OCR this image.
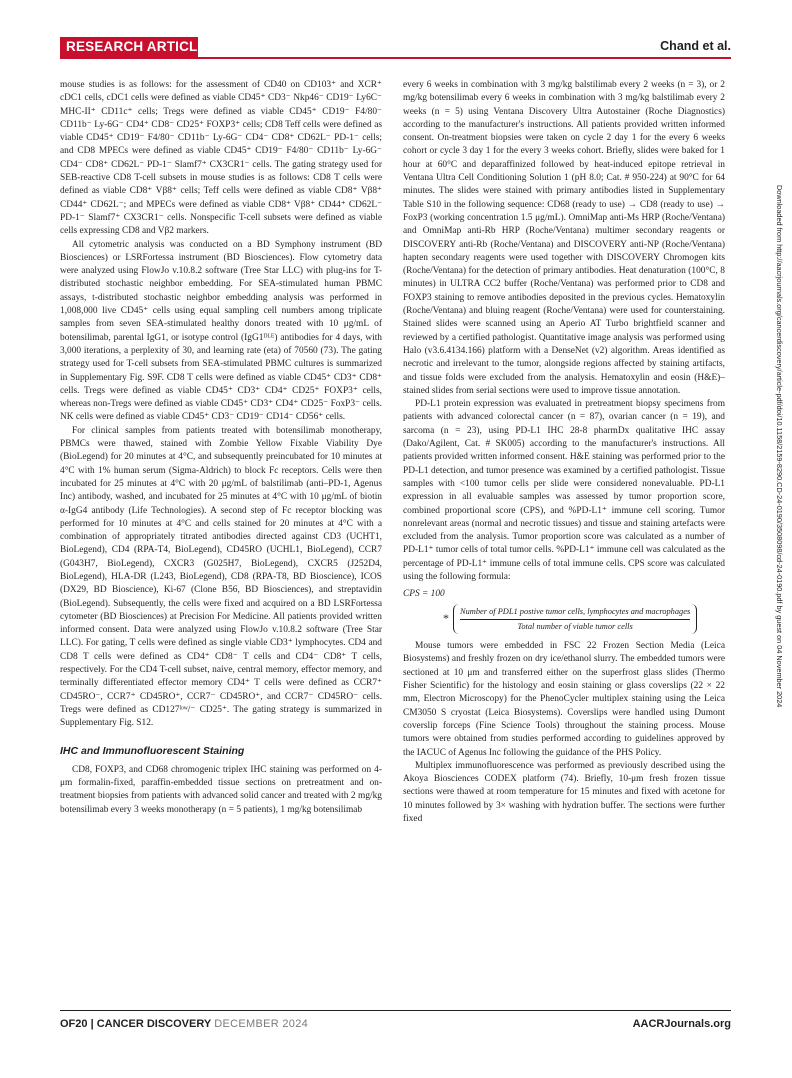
RESEARCH ARTICLE	Chand et al.

mouse studies is as follows: for the assessment of CD40 on CD103⁺ and XCR⁺ cDC1 cells, cDC1 cells were defined as viable CD45⁺ CD3⁻ Nkp46⁻ CD19⁻ Ly6C⁻ MHC-II⁺ CD11c⁺ cells; Tregs were defined as viable CD45⁺ CD19⁻ F4/80⁻ CD11b⁻ Ly-6G⁻ CD4⁺ CD8⁻ CD25⁺ FOXP3⁺ cells; CD8 Teff cells were defined as viable CD45⁺ CD19⁻ F4/80⁻ CD11b⁻ Ly-6G⁻ CD4⁻ CD8⁺ CD62L⁻ PD-1⁻ cells; and CD8 MPECs were defined as viable CD45⁺ CD19⁻ F4/80⁻ CD11b⁻ Ly-6G⁻ CD4⁻ CD8⁺ CD62L⁻ PD-1⁻ Slamf7⁺ CX3CR1⁻ cells. The gating strategy used for SEB-reactive CD8 T-cell subsets in mouse studies is as follows: CD8 T cells were defined as viable CD8⁺ Vβ8⁺ cells; Teff cells were defined as viable CD8⁺ Vβ8⁺ CD44⁺ CD62L⁻; and MPECs were defined as viable CD8⁺ Vβ8⁺ CD44⁺ CD62L⁻ PD-1⁻ Slamf7⁺ CX3CR1⁻ cells. Nonspecific T-cell subsets were defined as viable cells expressing CD8 and Vβ2 markers.

All cytometric analysis was conducted on a BD Symphony instrument (BD Biosciences) or LSRFortessa instrument (BD Biosciences). Flow cytometry data were analyzed using FlowJo v.10.8.2 software (Tree Star LLC) with plug-ins for T-distributed stochastic neighbor embedding. For SEA-stimulated human PBMC assays, t-distributed stochastic neighbor embedding analysis was performed in 1,008,000 live CD45⁺ cells using equal sampling cell numbers among triplicate samples from seven SEA-stimulated healthy donors treated with 10 μg/mL of botensilimab, parental IgG1, or isotype control (IgG1ᴰᴸᴱ) antibodies for 4 days, with 3,000 iterations, a perplexity of 30, and learning rate (eta) of 70560 (73). The gating strategy used for T-cell subsets from SEA-stimulated PBMC cultures is summarized in Supplementary Fig. S9F. CD8 T cells were defined as viable CD45⁺ CD3⁺ CD8⁺ cells. Tregs were defined as viable CD45⁺ CD3⁺ CD4⁺ CD25⁺ FOXP3⁺ cells, whereas non-Tregs were defined as viable CD45⁺ CD3⁺ CD4⁺ CD25⁻ FoxP3⁻ cells. NK cells were defined as viable CD45⁺ CD3⁻ CD19⁻ CD14⁻ CD56⁺ cells.

For clinical samples from patients treated with botensilimab monotherapy, PBMCs were thawed, stained with Zombie Yellow Fixable Viability Dye (BioLegend) for 20 minutes at 4°C, and subsequently preincubated for 10 minutes at 4°C with 1% human serum (Sigma-Aldrich) to block Fc receptors. Cells were then incubated for 25 minutes at 4°C with 20 μg/mL of balstilimab (anti–PD-1, Agenus Inc) antibody, washed, and incubated for 25 minutes at 4°C with 10 μg/mL of biotin α-IgG4 antibody (Life Technologies). A second step of Fc receptor blocking was performed for 10 minutes at 4°C and cells stained for 20 minutes at 4°C with a combination of appropriately titrated antibodies directed against CD3 (UCHT1, BioLegend), CD4 (RPA-T4, BioLegend), CD45RO (UCHL1, BioLegend), CCR7 (G043H7, BioLegend), CXCR3 (G025H7, BioLegend), CXCR5 (J252D4, BioLegend), HLA-DR (L243, BioLegend), CD8 (RPA-T8, BD Bioscience), ICOS (DX29, BD Bioscience), Ki-67 (Clone B56, BD Biosciences), and streptavidin (BioLegend). Subsequently, the cells were fixed and acquired on a BD LSRFortessa cytometer (BD Biosciences) at Precision For Medicine. All patients provided written informed consent. Data were analyzed using FlowJo v.10.8.2 software (Tree Star LLC). For gating, T cells were defined as single viable CD3⁺ lymphocytes. CD4 and CD8 T cells were defined as CD4⁺ CD8⁻ T cells and CD4⁻ CD8⁺ T cells, respectively. For the CD4 T-cell subset, naive, central memory, effector memory, and terminally differentiated effector memory CD4⁺ T cells were defined as CCR7⁺ CD45RO⁻, CCR7⁺ CD45RO⁺, CCR7⁻ CD45RO⁺, and CCR7⁻ CD45RO⁻ cells. Tregs were defined as CD127ˡᵒʷ/⁻ CD25⁺. The gating strategy is summarized in Supplementary Fig. S12.

IHC and Immunofluorescent Staining

CD8, FOXP3, and CD68 chromogenic triplex IHC staining was performed on 4-μm formalin-fixed, paraffin-embedded tissue sections on pretreatment and on-treatment biopsies from patients with advanced solid cancer and treated with 2 mg/kg botensilimab every 3 weeks monotherapy (n = 5 patients), 1 mg/kg botensilimab

every 6 weeks in combination with 3 mg/kg balstilimab every 2 weeks (n = 3), or 2 mg/kg botensilimab every 6 weeks in combination with 3 mg/kg balstilimab every 2 weeks (n = 5) using Ventana Discovery Ultra Autostainer (Roche Diagnostics) according to the manufacturer's instructions. All patients provided written informed consent. On-treatment biopsies were taken on cycle 2 day 1 for the every 6 weeks cohort or cycle 3 day 1 for the every 3 weeks cohort. Briefly, slides were baked for 1 hour at 60°C and deparaffinized followed by heat-induced epitope retrieval in Ventana Ultra Cell Conditioning Solution 1 (pH 8.0; Cat. # 950-224) at 90°C for 64 minutes. The slides were stained with primary antibodies listed in Supplementary Table S10 in the following sequence: CD68 (ready to use) → CD8 (ready to use) → FoxP3 (working concentration 1.5 μg/mL). OmniMap anti-Ms HRP (Roche/Ventana) and OmniMap anti-Rb HRP (Roche/Ventana) multimer secondary reagents or DISCOVERY anti-Rb (Roche/Ventana) and DISCOVERY anti-NP (Roche/Ventana) hapten secondary reagents were used together with DISCOVERY Chromogen kits (Roche/Ventana) for the detection of primary antibodies. Heat denaturation (100°C, 8 minutes) in ULTRA CC2 buffer (Roche/Ventana) was performed prior to CD8 and FOXP3 staining to remove antibodies deposited in the previous cycles. Hematoxylin (Roche/Ventana) and bluing reagent (Roche/Ventana) were used for counterstaining. Stained slides were scanned using an Aperio AT Turbo brightfield scanner and reviewed by a certified pathologist. Quantitative image analysis was performed using Halo (v3.6.4134.166) platform with a DenseNet (v2) algorithm. Areas identified as necrotic and irrelevant to the tumor, alongside regions affected by staining artifacts, and tissue folds were excluded from the analysis. Hematoxylin and eosin (H&E)–stained slides from serial sections were used to improve tissue annotation.

PD-L1 protein expression was evaluated in pretreatment biopsy specimens from patients with advanced colorectal cancer (n = 87), ovarian cancer (n = 19), and sarcoma (n = 23), using PD-L1 IHC 28-8 pharmDx qualitative IHC assay (Dako/Agilent, Cat. # SK005) according to the manufacturer's instructions. All patients provided written informed consent. H&E staining was performed prior to the PD-L1 detection, and tumor presence was examined by a certified pathologist. Tissue samples with <100 tumor cells per slide were considered nonevaluable. PD-L1 expression in all evaluable samples was assessed by tumor proportion score, combined proportional score (CPS), and %PD-L1⁺ immune cell scoring. Tumor nonrelevant areas (normal and necrotic tissues) and tissue and staining artefacts were excluded from the analysis. Tumor proportion score was calculated as a number of PD-L1⁺ tumor cells of total tumor cells. %PD-L1⁺ immune cell was calculated as the percentage of PD-L1⁺ immune cells of total immune cells. CPS score was calculated using the following formula:

CPS = 100
*
Number of PDL1 postive tumor cells, lymphocytes and macrophages
Total number of viable tumor cells

Mouse tumors were embedded in FSC 22 Frozen Section Media (Leica Biosystems) and freshly frozen on dry ice/ethanol slurry. The embedded tumors were sectioned at 10 μm and transferred either on the superfrost glass slides (Thermo Fisher Scientific) for the histology and eosin staining or glass coverslips (22 × 22 mm, Electron Microscopy) for the PhenoCycler multiplex staining using the Leica CM3050 S cryostat (Leica Biosystems). Coverslips were handled using Dumont coverslip forceps (Fine Science Tools) throughout the staining process. Mouse tumors were obtained from studies performed according to guidelines approved by the IACUC of Agenus Inc following the guidance of the PHS Policy.

Multiplex immunofluorescence was performed as previously described using the Akoya Biosciences CODEX platform (74). Briefly, 10-μm fresh frozen tissue sections were thawed at room temperature for 15 minutes and fixed with acetone for 10 minutes followed by 3× washing with hydration buffer. The sections were further fixed

Downloaded from http://aacrjournals.org/cancerdiscovery/article-pdf/doi/10.1158/2159-8290.CD-24-0190/3508098/cd-24-0190.pdf by guest on 04 November 2024
OF20 | CANCER DISCOVERY DECEMBER 2024	AACRJournals.org
